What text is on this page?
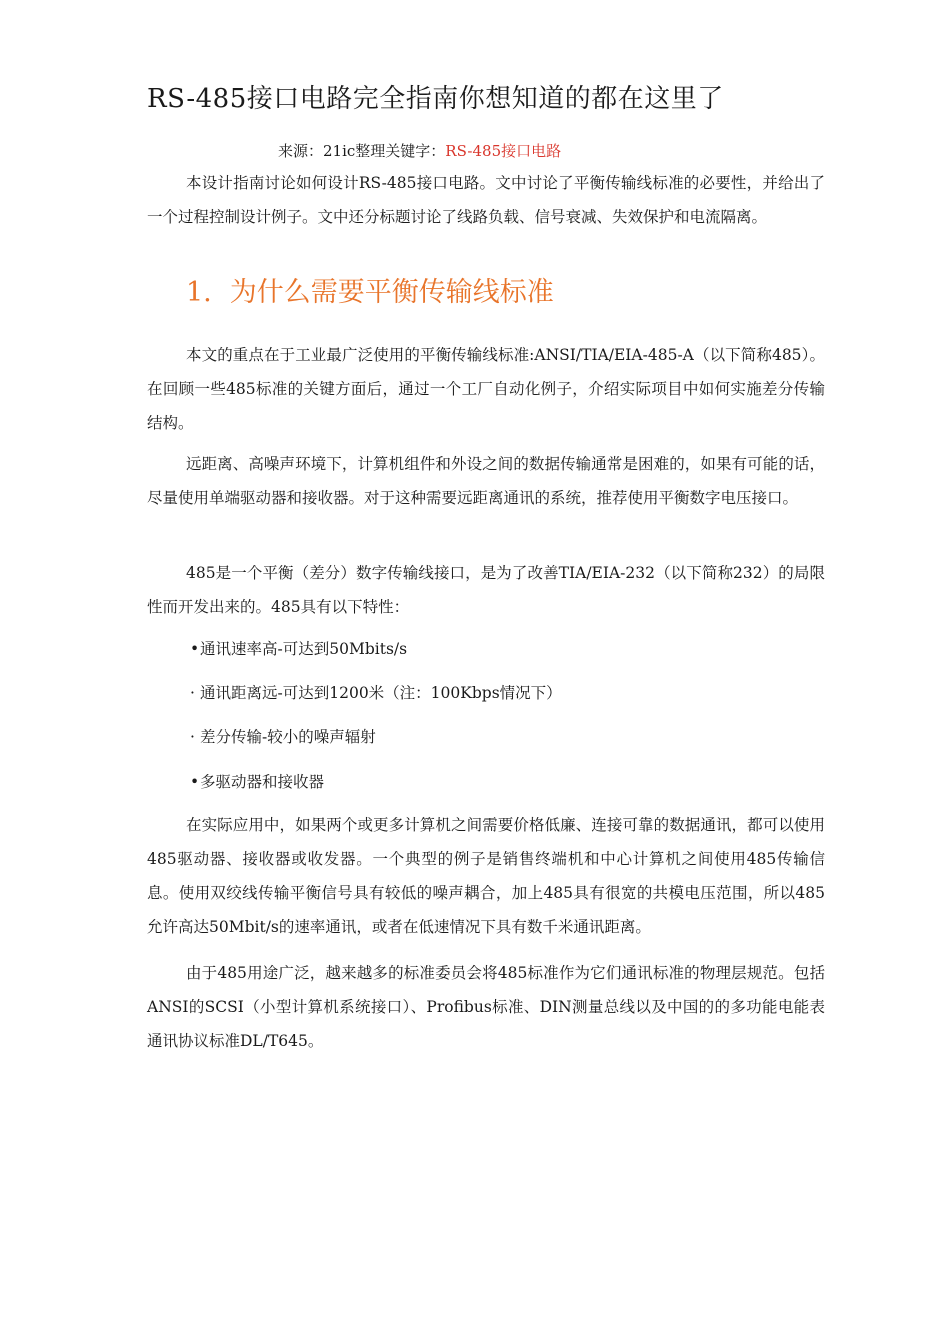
RS-485接口电路完全指南你想知道的都在这里了
来源：21ic整理关键字：RS-485接口电路

本设计指南讨论如何设计RS-485接口电路。文中讨论了平衡传输线标准的必要性，并给出了一个过程控制设计例子。文中还分标题讨论了线路负载、信号衰减、失效保护和电流隔离。

1. 为什么需要平衡传输线标准

本文的重点在于工业最广泛使用的平衡传输线标准:ANSI/TIA/EIA-485-A（以下简称485）。在回顾一些485标准的关键方面后，通过一个工厂自动化例子，介绍实际项目中如何实施差分传输结构。

远距离、高噪声环境下，计算机组件和外设之间的数据传输通常是困难的，如果有可能的话，尽量使用单端驱动器和接收器。对于这种需要远距离通讯的系统，推荐使用平衡数字电压接口。

485是一个平衡（差分）数字传输线接口，是为了改善TIA/EIA-232（以下简称232）的局限性而开发出来的。485具有以下特性：

•通讯速率高-可达到50Mbits/s
· 通讯距离远-可达到1200米（注：100Kbps情况下）
· 差分传输-较小的噪声辐射
•多驱动器和接收器

在实际应用中，如果两个或更多计算机之间需要价格低廉、连接可靠的数据通讯，都可以使用485驱动器、接收器或收发器。一个典型的例子是销售终端机和中心计算机之间使用485传输信息。使用双绞线传输平衡信号具有较低的噪声耦合，加上485具有很宽的共模电压范围，所以485允许高达50Mbit/s的速率通讯，或者在低速情况下具有数千米通讯距离。

由于485用途广泛，越来越多的标准委员会将485标准作为它们通讯标准的物理层规范。包括ANSI的SCSI（小型计算机系统接口）、Profibus标准、DIN测量总线以及中国的的多功能电能表通讯协议标准DL/T645。
